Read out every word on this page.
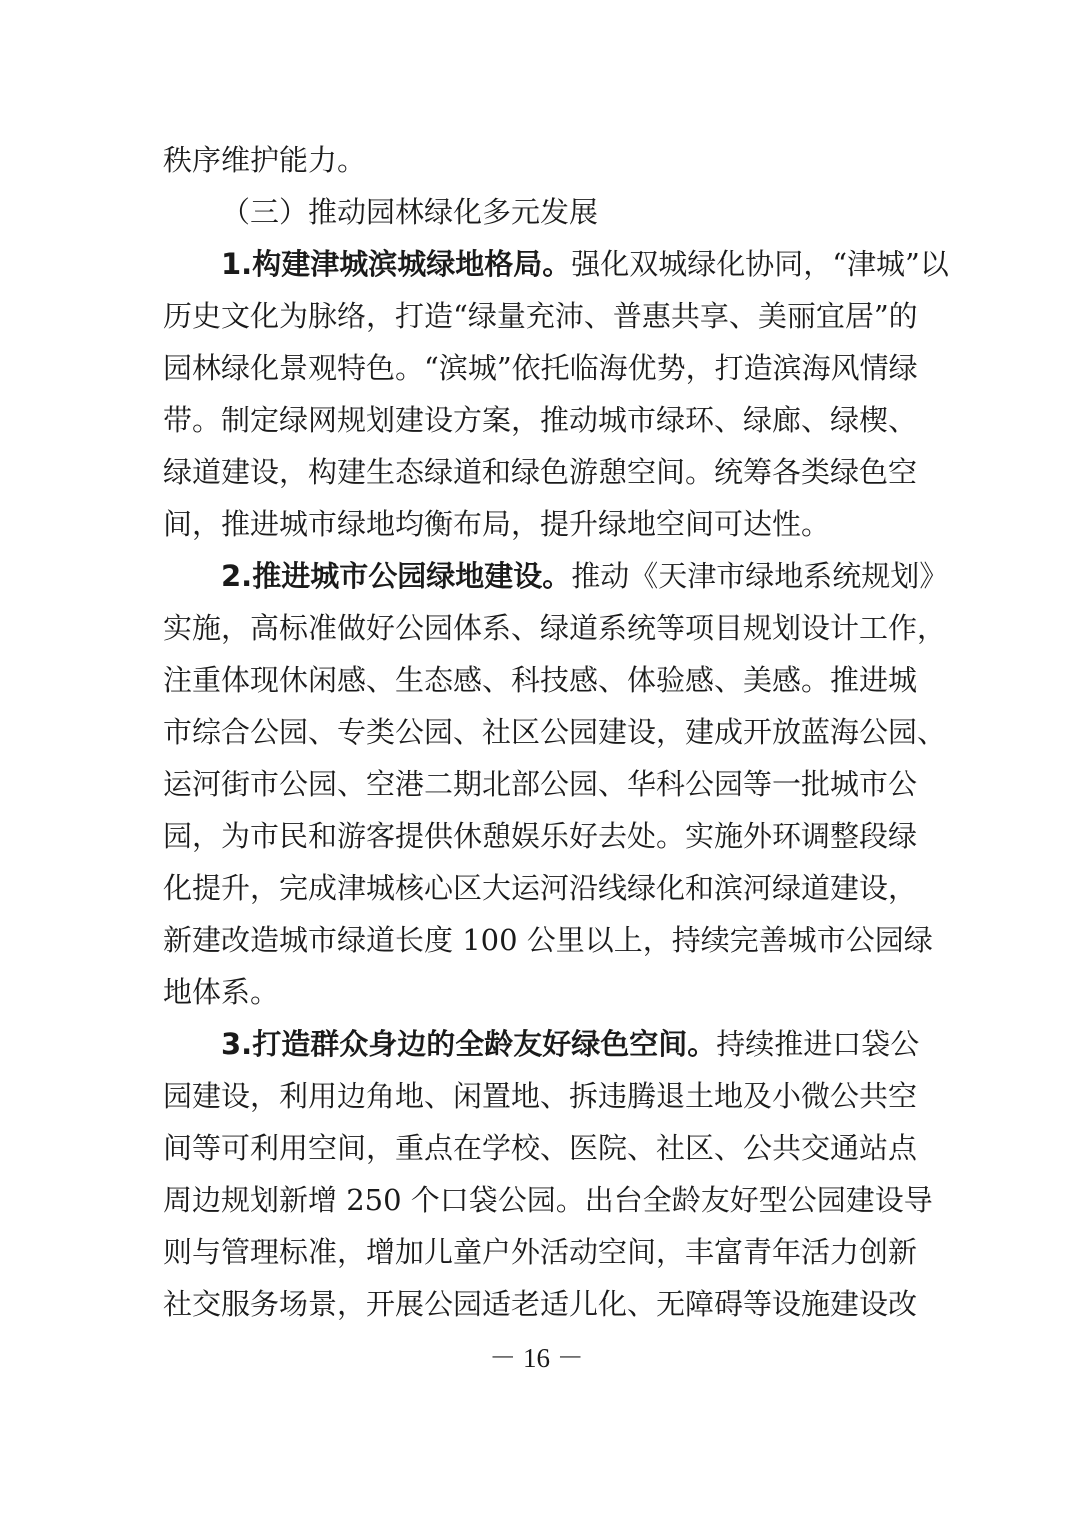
秩序维护能力。
（三）推动园林绿化多元发展
1.构建津城滨城绿地格局。强化双城绿化协同，“津城”以
历史文化为脉络，打造“绿量充沛、普惠共享、美丽宜居”的
园林绿化景观特色。“滨城”依托临海优势，打造滨海风情绿
带。制定绿网规划建设方案，推动城市绿环、绿廊、绿楔、
绿道建设，构建生态绿道和绿色游憩空间。统筹各类绿色空
间，推进城市绿地均衡布局，提升绿地空间可达性。
2.推进城市公园绿地建设。推动《天津市绿地系统规划》
实施，高标准做好公园体系、绿道系统等项目规划设计工作，
注重体现休闲感、生态感、科技感、体验感、美感。推进城
市综合公园、专类公园、社区公园建设，建成开放蓝海公园、
运河街市公园、空港二期北部公园、华科公园等一批城市公
园，为市民和游客提供休憩娱乐好去处。实施外环调整段绿
化提升，完成津城核心区大运河沿线绿化和滨河绿道建设，
新建改造城市绿道长度 100 公里以上，持续完善城市公园绿
地体系。
3.打造群众身边的全龄友好绿色空间。持续推进口袋公
园建设，利用边角地、闲置地、拆违腾退土地及小微公共空
间等可利用空间，重点在学校、医院、社区、公共交通站点
周边规划新增 250 个口袋公园。出台全龄友好型公园建设导
则与管理标准，增加儿童户外活动空间，丰富青年活力创新
社交服务场景，开展公园适老适儿化、无障碍等设施建设改
－ 16 －
